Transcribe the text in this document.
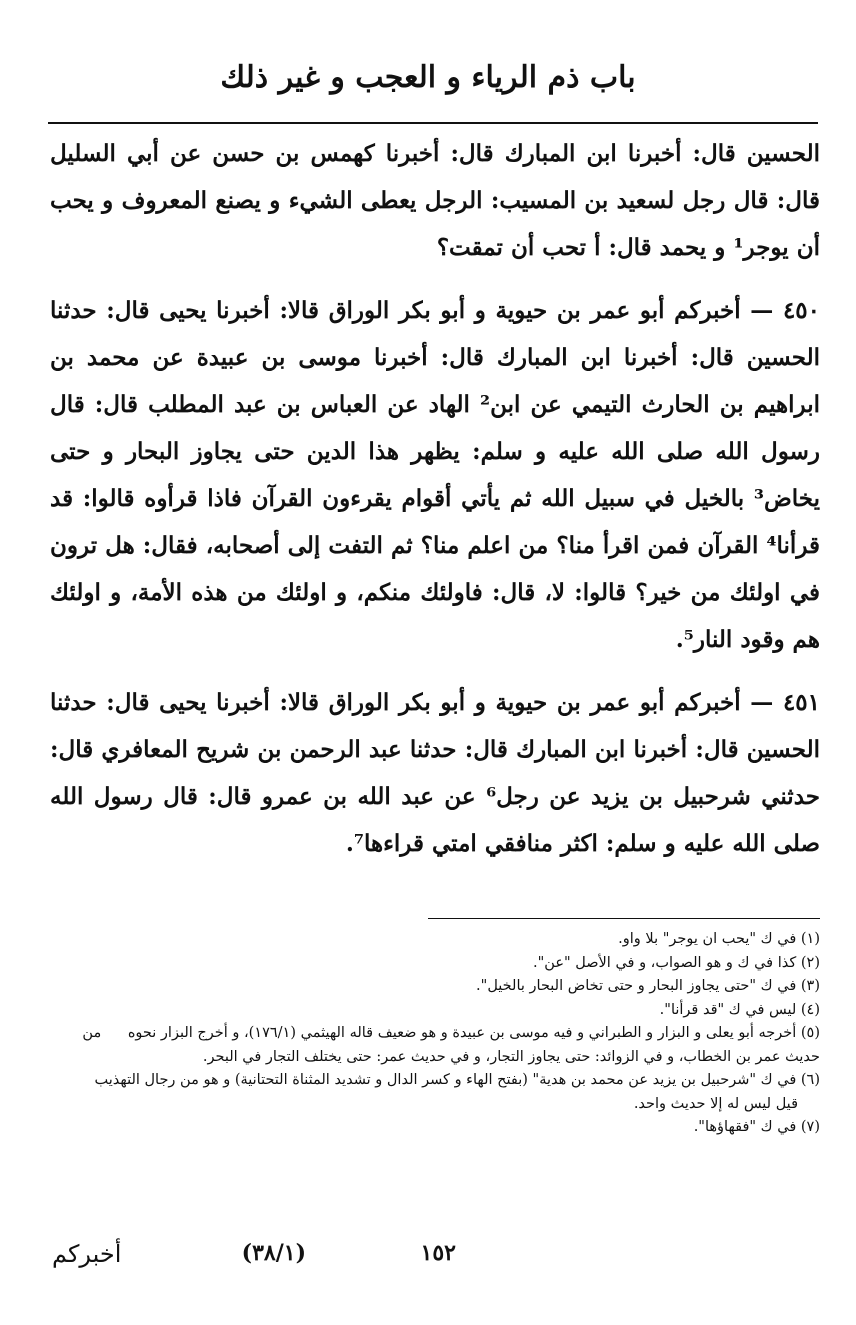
باب ذم الرياء و العجب و غير ذلك

الحسين قال: أخبرنا ابن المبارك قال: أخبرنا كهمس بن حسن عن أبي السليل قال: قال رجل لسعيد بن المسيب: الرجل يعطى الشيء و يصنع المعروف و يحب أن يوجر¹ و يحمد قال: أ تحب أن تمقت؟

٤٥٠ — أخبركم أبو عمر بن حيوية و أبو بكر الوراق قالا: أخبرنا يحيى قال: حدثنا الحسين قال: أخبرنا ابن المبارك قال: أخبرنا موسى بن عبيدة عن محمد بن ابراهيم بن الحارث التيمي عن ابن² الهاد عن العباس بن عبد المطلب قال: قال رسول الله صلى الله عليه و سلم: يظهر هذا الدين حتى يجاوز البحار و حتى يخاض³ بالخيل في سبيل الله ثم يأتي أقوام يقرءون القرآن فاذا قرأوه قالوا: قد قرأنا⁴ القرآن فمن اقرأ منا؟ من اعلم منا؟ ثم التفت إلى أصحابه، فقال: هل ترون في اولئك من خير؟ قالوا: لا، قال: فاولئك منكم، و اولئك من هذه الأمة، و اولئك هم وقود النار⁵.

٤٥١ — أخبركم أبو عمر بن حيوية و أبو بكر الوراق قالا: أخبرنا يحيى قال: حدثنا الحسين قال: أخبرنا ابن المبارك قال: حدثنا عبد الرحمن بن شريح المعافري قال: حدثني شرحبيل بن يزيد عن رجل⁶ عن عبد الله بن عمرو قال: قال رسول الله صلى الله عليه و سلم: اكثر منافقي امتي قراءها⁷.

(١) في ك "يحب ان يوجر" بلا واو.

(٢) كذا في ك و هو الصواب، و في الأصل "عن".

(٣) في ك "حتى يجاوز البحار و حتى تخاض البحار بالخيل".

(٤) ليس في ك "قد قرأنا".

(٥) أخرجه أبو يعلى و البزار و الطبراني و فيه موسى بن عبيدة و هو ضعيف قاله الهيثمي (١٧٦/١)، و أخرج البزار نحوه من حديث عمر بن الخطاب، و في الزوائد: حتى يجاوز التجار، و في حديث عمر: حتى يختلف التجار في البحر.

(٦) في ك "شرحبيل بن يزيد عن محمد بن هدية" (بفتح الهاء و كسر الدال و تشديد المثناة التحتانية) و هو من رجال التهذيب قيل ليس له إلا حديث واحد.

(٧) في ك "فقهاؤها".

١٥٢
(٣٨/١)
أخبركم
